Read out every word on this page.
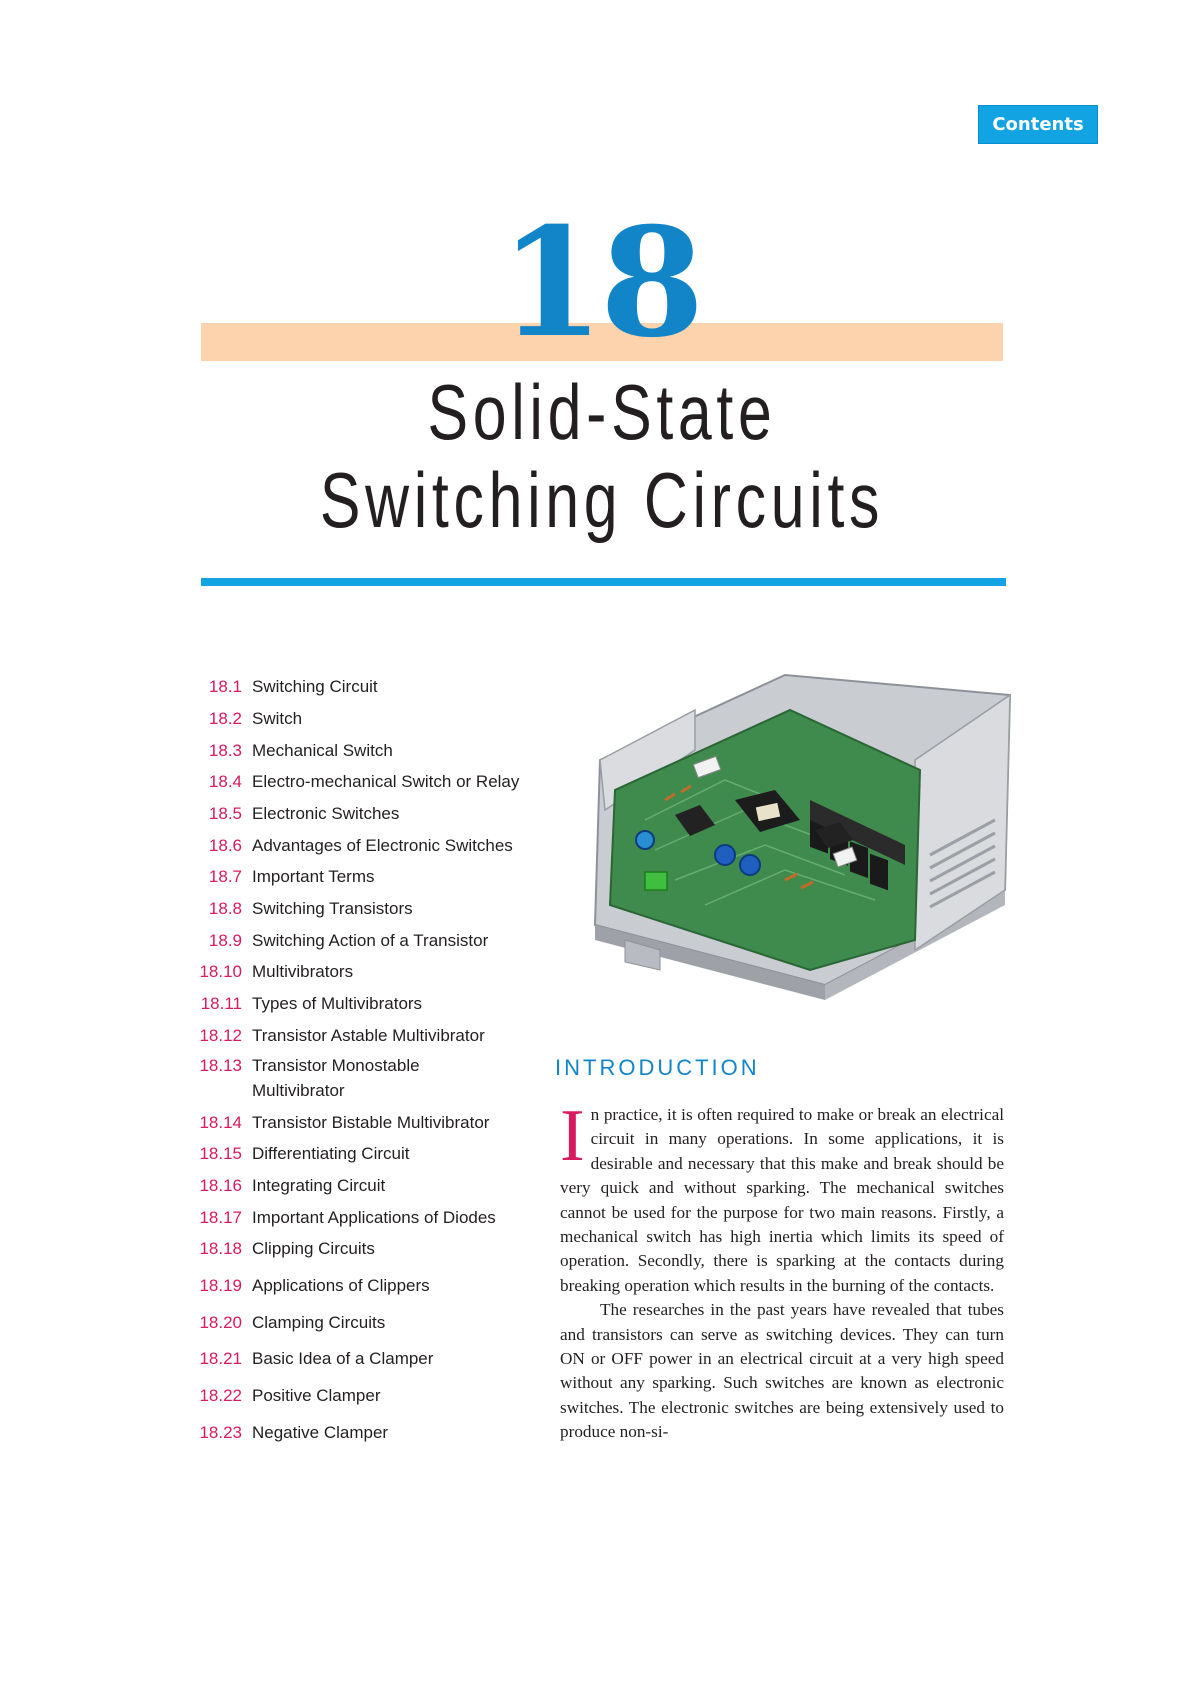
Contents
18
Solid-State
Switching Circuits
18.1 Switching Circuit
18.2 Switch
18.3 Mechanical Switch
18.4 Electro-mechanical Switch or Relay
18.5 Electronic Switches
18.6 Advantages of Electronic Switches
18.7 Important Terms
18.8 Switching Transistors
18.9 Switching Action of a Transistor
18.10 Multivibrators
18.11 Types of Multivibrators
18.12 Transistor Astable Multivibrator
18.13 Transistor Monostable Multivibrator
18.14 Transistor Bistable Multivibrator
18.15 Differentiating Circuit
18.16 Integrating Circuit
18.17 Important Applications of Diodes
18.18 Clipping Circuits
18.19 Applications of Clippers
18.20 Clamping Circuits
18.21 Basic Idea of a Clamper
18.22 Positive Clamper
18.23 Negative Clamper
INTRODUCTION

In practice, it is often required to make or break an electrical circuit in many operations. In some applications, it is desirable and necessary that this make and break should be very quick and without sparking. The mechanical switches cannot be used for the purpose for two main reasons. Firstly, a mechanical switch has high inertia which limits its speed of operation. Secondly, there is sparking at the contacts during breaking operation which results in the burning of the contacts.

The researches in the past years have revealed that tubes and transistors can serve as switching devices. They can turn ON or OFF power in an electrical circuit at a very high speed without any sparking. Such switches are known as electronic switches. The electronic switches are being extensively used to produce non-si-
